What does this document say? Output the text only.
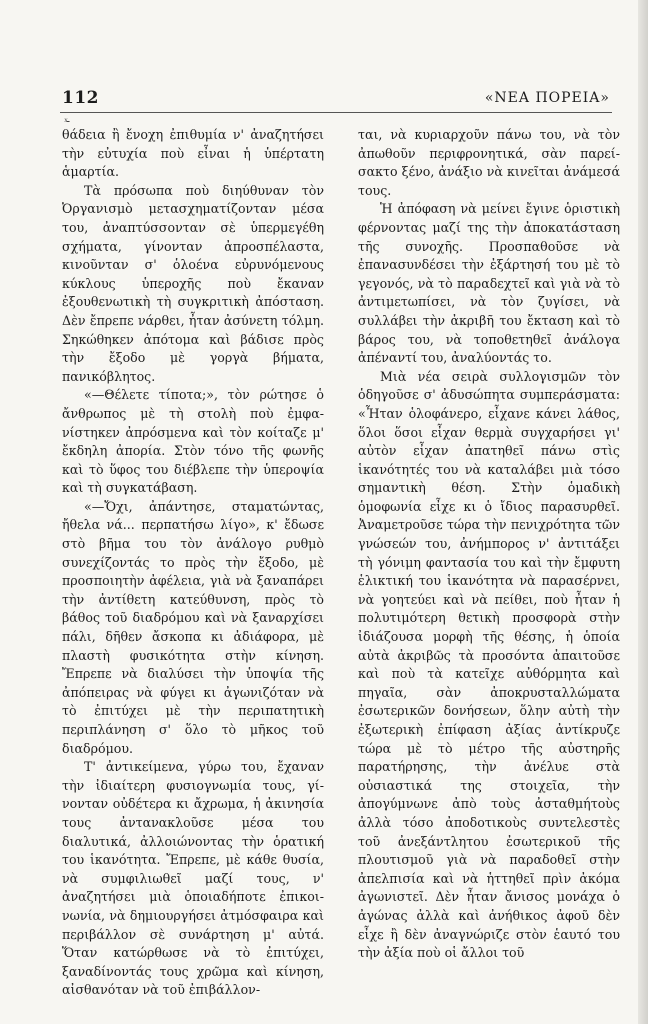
112	«ΝΕΑ ΠΟΡΕΙΑ»
ͯ-

θάδεια ἢ ἔνοχη ἐπιθυμία ν' ἀναζητήσει τὴν εὐτυχία ποὺ εἶναι ἡ ὑπέρτατη ἁμαρτία.

Τὰ πρόσωπα ποὺ διηύθυναν τὸν Ὀργανισμὸ μετασχηματίζονταν μέσα του, ἀναπτύσσονταν σὲ ὑπερμεγέθη σχήματα, γίνονταν ἀπροσπέλαστα, κινοῦνταν σ' ὁλοένα εὐρυνόμενους κύκλους ὑπεροχῆς ποὺ ἔκαναν ἐξουθενωτικὴ τὴ συγκριτικὴ ἀπόσταση. Δὲν ἔπρεπε νάρθει, ἦταν ἀσύνετη τόλμη. Σηκώθηκεν ἀπότομα καὶ βάδισε πρὸς τὴν ἔξοδο μὲ γοργὰ βήματα, πανικόβλητος.

«—Θέλετε τίποτα;», τὸν ρώτησε ὁ ἄνθρωπος μὲ τὴ στολὴ ποὺ ἐμφανίστηκεν ἀπρόσμενα καὶ τὸν κοίταζε μ' ἔκδηλη ἀπορία. Στὸν τόνο τῆς φωνῆς καὶ τὸ ὕφος του διέβλεπε τὴν ὑπεροψία καὶ τὴ συγκατάβαση.

«—Ὄχι, ἀπάντησε, σταματώντας, ἤθελα νά... περπατήσω λίγο», κ' ἔδωσε στὸ βῆμα του τὸν ἀνάλογο ρυθμὸ συνεχίζοντάς το πρὸς τὴν ἔξοδο, μὲ προσποιητὴν ἀφέλεια, γιὰ νὰ ξαναπάρει τὴν ἀντίθετη κατεύθυνση, πρὸς τὸ βάθος τοῦ διαδρόμου καὶ νὰ ξαναρχίσει πάλι, δῆθεν ἄσκοπα κι ἀδιάφορα, μὲ πλαστὴ φυσικότητα στὴν κίνηση. Ἔπρεπε νὰ διαλύσει τὴν ὑποψία τῆς ἀπόπειρας νὰ φύγει κι ἀγωνιζόταν νὰ τὸ ἐπιτύχει μὲ τὴν περιπατητικὴ περιπλάνηση σ' ὅλο τὸ μῆκος τοῦ διαδρόμου.

Τ' ἀντικείμενα, γύρω του, ἔχαναν τὴν ἰδιαίτερη φυσιογνωμία τους, γίνονταν οὐδέτερα κι ἄχρωμα, ἡ ἀκινησία τους ἀντανακλοῦσε μέσα του διαλυτικά, ἀλλοιώνοντας τὴν ὁρατική του ἱκανότητα. Ἔπρεπε, μὲ κάθε θυσία, νὰ συμφιλιωθεῖ μαζί τους, ν' ἀναζητήσει μιὰ ὁποιαδήποτε ἐπικοινωνία, νὰ δημιουργήσει ἀτμόσφαιρα καὶ περιβάλλον σὲ συνάρτηση μ' αὐτά. Ὅταν κατώρθωσε νὰ τὸ ἐπιτύχει, ξαναδίνοντάς τους χρῶμα καὶ κίνηση, αἰσθανόταν νὰ τοῦ ἐπιβάλλον-

ται, νὰ κυριαρχοῦν πάνω του, νὰ τὸν ἀπωθοῦν περιφρονητικά, σὰν παρείσακτο ξένο, ἀνάξιο νὰ κινεῖται ἀνάμεσά τους.

Ἡ ἀπόφαση νὰ μείνει ἔγινε ὁριστικὴ φέρνοντας μαζί της τὴν ἀποκατάσταση τῆς συνοχῆς. Προσπαθοῦσε νὰ ἐπανασυνδέσει τὴν ἐξάρτησή του μὲ τὸ γεγονός, νὰ τὸ παραδεχτεῖ καὶ γιὰ νὰ τὸ ἀντιμετωπίσει, νὰ τὸν ζυγίσει, νὰ συλλάβει τὴν ἀκριβῆ του ἔκταση καὶ τὸ βάρος του, νὰ τοποθετηθεῖ ἀνάλογα ἀπέναντί του, ἀναλύοντάς το.

Μιὰ νέα σειρὰ συλλογισμῶν τὸν ὁδηγοῦσε σ' ἀδυσώπητα συμπεράσματα: «Ἦταν ὁλοφάνερο, εἶχανε κάνει λάθος, ὅλοι ὅσοι εἶχαν θερμὰ συγχαρήσει γι' αὐτὸν εἶχαν ἀπατηθεῖ πάνω στὶς ἱκανότητές του νὰ καταλάβει μιὰ τόσο σημαντικὴ θέση. Στὴν ὁμαδικὴ ὁμοφωνία εἶχε κι ὁ ἴδιος παρασυρθεῖ. Ἀναμετροῦσε τώρα τὴν πενιχρότητα τῶν γνώσεών του, ἀνήμπορος ν' ἀντιτάξει τὴ γόνιμη φαντασία του καὶ τὴν ἔμφυτη ἑλικτική του ἱκανότητα νὰ παρασέρνει, νὰ γοητεύει καὶ νὰ πείθει, ποὺ ἦταν ἡ πολυτιμότερη θετικὴ προσφορὰ στὴν ἰδιάζουσα μορφὴ τῆς θέσης, ἡ ὁποία αὐτὰ ἀκριβῶς τὰ προσόντα ἀπαιτοῦσε καὶ ποὺ τὰ κατεῖχε αὐθόρμητα καὶ πηγαῖα, σὰν ἀποκρυσταλλώματα ἐσωτερικῶν δονήσεων, ὅλην αὐτὴ τὴν ἐξωτερικὴ ἐπίφαση ἀξίας ἀντίκρυζε τώρα μὲ τὸ μέτρο τῆς αὐστηρῆς παρατήρησης, τὴν ἀνέλυε στὰ οὐσιαστικά της στοιχεῖα, τὴν ἀπογύμνωνε ἀπὸ τοὺς ἀσταθμήτοὺς ἀλλὰ τόσο ἀποδοτικοὺς συντελεστὲς τοῦ ἀνεξάντλητου ἐσωτερικοῦ τῆς πλουτισμοῦ γιὰ νὰ παραδοθεῖ στὴν ἀπελπισία καὶ νὰ ἡττηθεῖ πρὶν ἀκόμα ἀγωνιστεῖ. Δὲν ἦταν ἄνισος μονάχα ὁ ἀγώνας ἀλλὰ καὶ ἀνήθικος ἀφοῦ δὲν εἶχε ἢ δὲν ἀναγνώριζε στὸν ἑαυτό του τὴν ἀξία ποὺ οἱ ἄλλοι τοῦ
